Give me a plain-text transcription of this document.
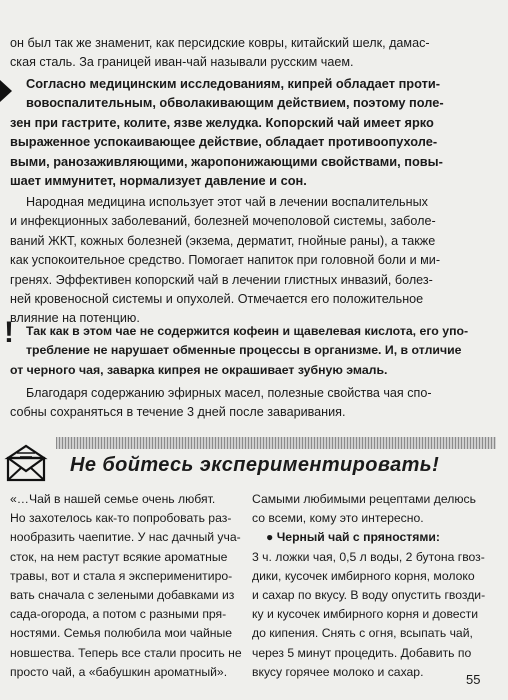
он был так же знаменит, как персидские ковры, китайский шелк, дамас-
ская сталь. За границей иван-чай называли русским чаем.

Согласно медицинским исследованиям, кипрей обладает проти-
вовоспалительным, обволакивающим действием, поэтому поле-
зен при гастрите, колите, язве желудка. Копорский чай имеет ярко
выраженное успокаивающее действие, обладает противоопухоле-
выми, ранозаживляющими, жаропонижающими свойствами, повы-
шает иммунитет, нормализует давление и сон.

Народная медицина использует этот чай в лечении воспалительных
и инфекционных заболеваний, болезней мочеполовой системы, заболе-
ваний ЖКТ, кожных болезней (экзема, дерматит, гнойные раны), а также
как успокоительное средство. Помогает напиток при головной боли и ми-
гренях. Эффективен копорский чай в лечении глистных инвазий, болез-
ней кровеносной системы и опухолей. Отмечается его положительное
влияние на потенцию.

! Так как в этом чае не содержится кофеин и щавелевая кислота, его упо-
требление не нарушает обменные процессы в организме. И, в отличие
от черного чая, заварка кипрея не окрашивает зубную эмаль.

Благодаря содержанию эфирных масел, полезные свойства чая спо-
собны сохраняться в течение 3 дней после заваривания.

Не бойтесь экспериментировать!

«…Чай в нашей семье очень любят.
Но захотелось как-то попробовать раз-
нообразить чаепитие. У нас дачный уча-
сток, на нем растут всякие ароматные
травы, вот и стала я эксперименитиро-
вать сначала с зелеными добавками из
сада-огорода, а потом с разными пря-
ностями. Семья полюбила мои чайные
новшества. Теперь все стали просить не
просто чай, а «бабушкин ароматный».

Самыми любимыми рецептами делюсь
со всеми, кому это интересно.
● Черный чай с пряностями:
3 ч. ложки чая, 0,5 л воды, 2 бутона гвоз-
дики, кусочек имбирного корня, молоко
и сахар по вкусу. В воду опустить гвозди-
ку и кусочек имбирного корня и довести
до кипения. Снять с огня, всыпать чай,
через 5 минут процедить. Добавить по
вкусу горячее молоко и сахар.

55
